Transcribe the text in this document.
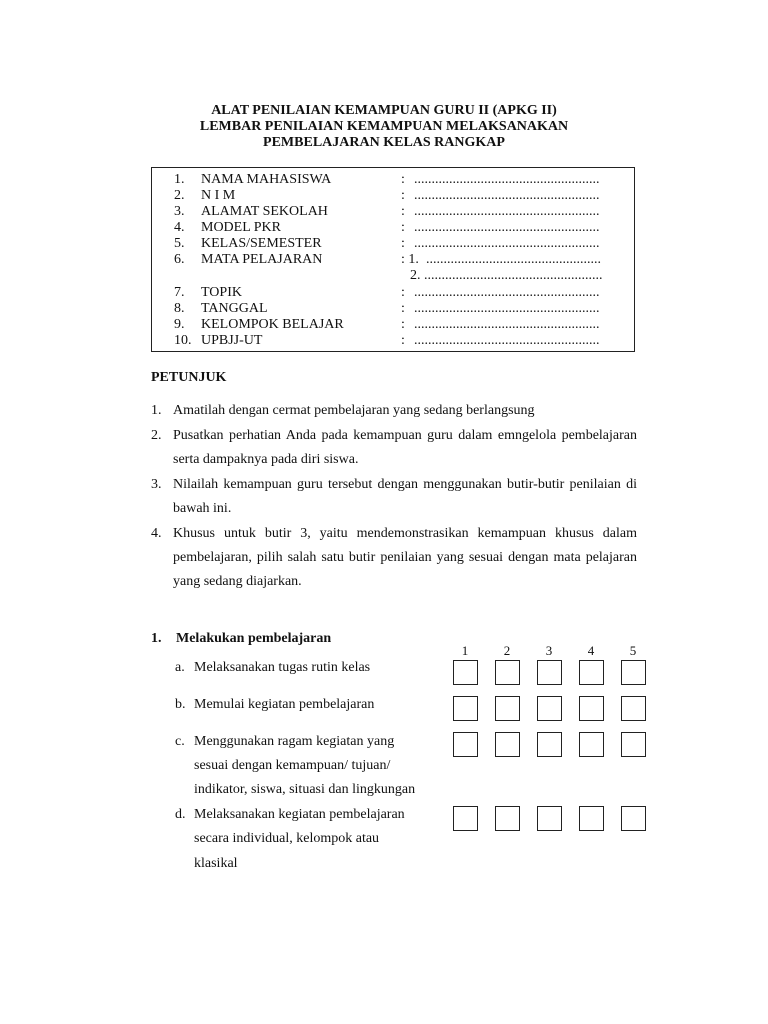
ALAT PENILAIAN KEMAMPUAN GURU II (APKG II)
LEMBAR PENILAIAN KEMAMPUAN MELAKSANAKAN
PEMBELAJARAN KELAS RANGKAP
1. NAMA MAHASISWA	: .....................................................
2. N I M	: .....................................................
3. ALAMAT SEKOLAH	: .....................................................
4. MODEL PKR	: .....................................................
5. KELAS/SEMESTER	: .....................................................
6. MATA PELAJARAN	: 1. ..................................................
2. ...................................................
7. TOPIK	: .....................................................
8. TANGGAL	: .....................................................
9. KELOMPOK BELAJAR	: .....................................................
10. UPBJJ-UT	: .....................................................
PETUNJUK
1. Amatilah dengan cermat pembelajaran yang sedang berlangsung
2. Pusatkan perhatian Anda pada kemampuan guru dalam emngelola pembelajaran
serta dampaknya pada diri siswa.
3. Nilailah kemampuan guru tersebut dengan menggunakan butir-butir penilaian di
bawah ini.
4. Khusus untuk butir 3, yaitu mendemonstrasikan kemampuan khusus dalam
pembelajaran, pilih salah satu butir penilaian yang sesuai dengan mata pelajaran
yang sedang diajarkan.
1. Melakukan pembelajaran
1	2	3	4	5
a. Melaksanakan tugas rutin kelas
b. Memulai kegiatan pembelajaran
c. Menggunakan ragam kegiatan yang
sesuai dengan kemampuan/ tujuan/
indikator, siswa, situasi dan lingkungan
d. Melaksanakan kegiatan pembelajaran
secara individual, kelompok atau
klasikal
